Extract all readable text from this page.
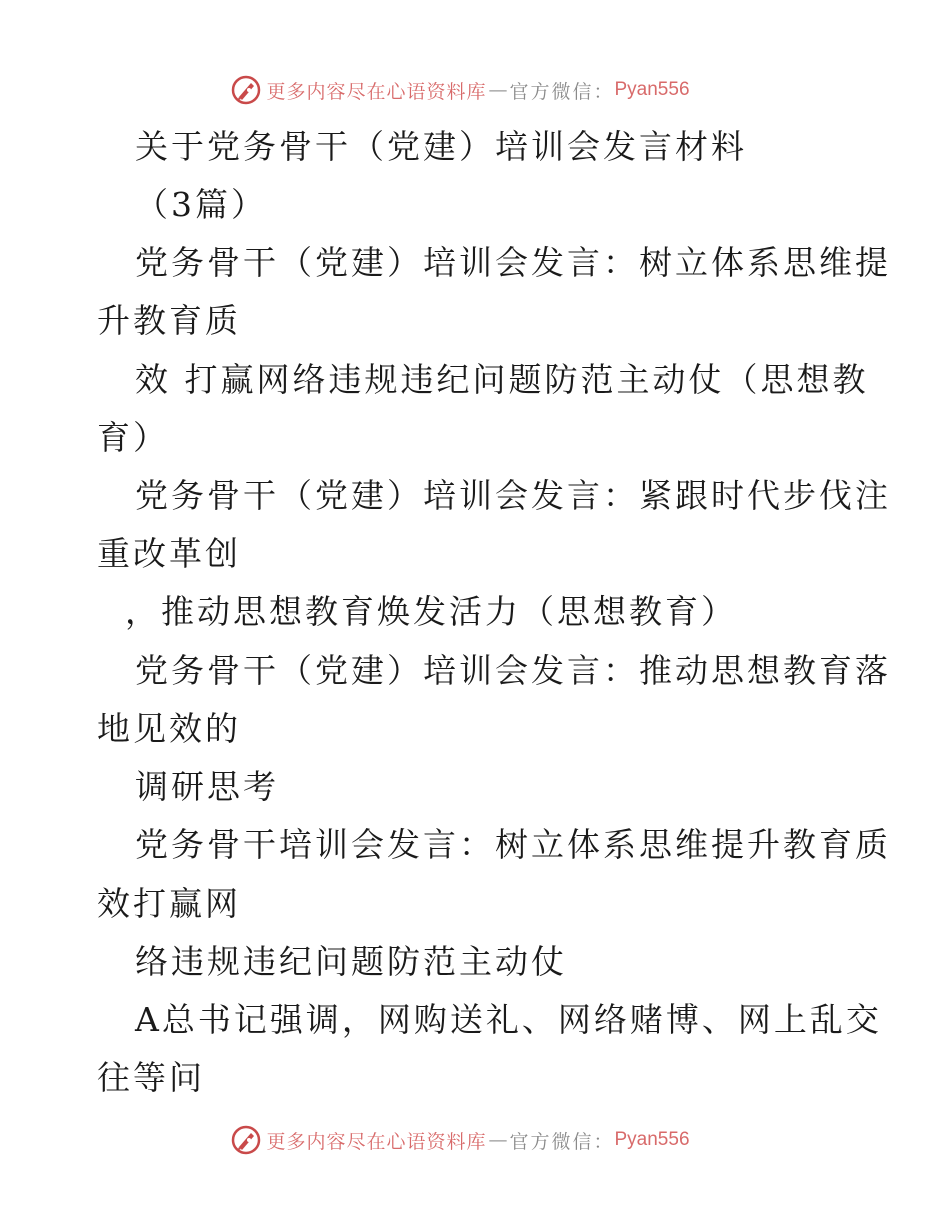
更多内容尽在心语资料库 — 官方微信： Pyan556
关于党务骨干（党建）培训会发言材料
（3篇）
党务骨干（党建）培训会发言：树立体系思维提
升教育质
效 打赢网络违规违纪问题防范主动仗（思想教
育）
党务骨干（党建）培训会发言：紧跟时代步伐注
重改革创
，推动思想教育焕发活力（思想教育）
党务骨干（党建）培训会发言：推动思想教育落
地见效的
调研思考
党务骨干培训会发言：树立体系思维提升教育质
效打赢网
络违规违纪问题防范主动仗
A总书记强调，网购送礼、网络赌博、网上乱交
往等问
更多内容尽在心语资料库 — 官方微信： Pyan556
